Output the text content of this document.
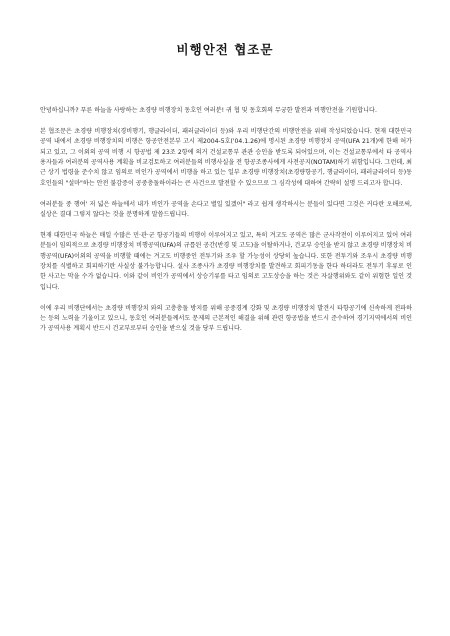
비행안전 협조문

안녕하십니까? 푸른 하늘을 사랑하는 초경량 비행장치 동호인 여러분! 귀 협 및 동호회의 무궁한 발전과 비행안전을 기원합니다.

본 협조문은 초경량 비행장치(경비행기, 행글라이더, 패러글라이더 등)와 우리 비행단간의 비행안전을 위해 작성되었습니다. 현재 대한민국 공역 내에서 초경량 비행장치의 비행은 항공안전본부 고시 제2004-5호('04.1.26)에 명시된 초경량 비행장치 공역(UFA 21개)에 한해 허가되고 있고, 그 이외의 공역 비행 시 항공법 제 23조 2항에 의거 건설교통부 관관 승인을 받도록 되어있으며, 이는 건설교통부에서 타 공역사용자들과 여러분의 공역사용 계획을 비교검토하고 여러분들의 비행사실을 전 항공조종사에게 사전공지(NOTAM)하기 위함입니다. 그런데, 최근 상기 법령을 준수치 않고 임의로 비인가 공역에서 비행을 하고 있는 일부 초경량 비행장치(초경량항공기, 행글라이더, 패러글라이더 등)동호인들의 "설마"하는 안전 불감증이 공중충돌하이라는 큰 사건으로 발전할 수 있으므로 그 심각성에 대하여 간략히 설명 드리고자 합니다.

여러분들 중 행여' 저 넓은 하늘에서 내가 비인가 공역을 손다고 별일 있겠어" 라고 쉽게 생각하시는 분들이 있다면 그것은 커다란 오해로써, 실상은 결대 그렇지 않다는 것을 분명하게 말씀드립니다.

현재 대한민국 하늘은 매일 수많은 민·관·군 항공기들의 비행이 이루어지고 있고, 특히 겨고도 공역은 많은 군사작전이 이루어지고 있어 여러분들이 임의적으로 초경량 비행장치 비행공역(UFA)의 규릅된 공간(반경 및 고도)을 이탈하거나, 건교부 승인을 받지 않고 초경량 비행장치 비행공역(UFA)이외의 공역을 비행할 때에는 겨고도 비행중인 전투기와 조우 할 가능성이 상당히 높습니다. 또한 전투기와 조우시 초경량 비행장치를 식별하고 회피하기란 사실상 불가능합니다. 설사 조종사가 초경량 비행장치를 발견하고 회피기동을 한다 하더라도 전투기 후류로 인한 사고는 막을 수가 없습니다. 이와 같이 비인가 공역에서 상승기류를 타고 임의로 고도상승을 하는 것은 자살행위와도 같이 위험한 일인 것입니다.

이에 우리 비행단에서는 초경량 비행장치 와의 고충충돌 방지를 위해 공중경계 강화 및 초경량 비행장치 발견시 타항공기에 신속하게 전파하는 등의 노력을 기울이고 있으니, 동호인 여러분들께서도 문제의 근본적인 해결을 위해 관련 항공법을 반드시 준수하여 경기지역에서의 비인가 공역사용 계획시 반드시 건교부로부터 승인을 받으실 것을 당부 드립니다.
